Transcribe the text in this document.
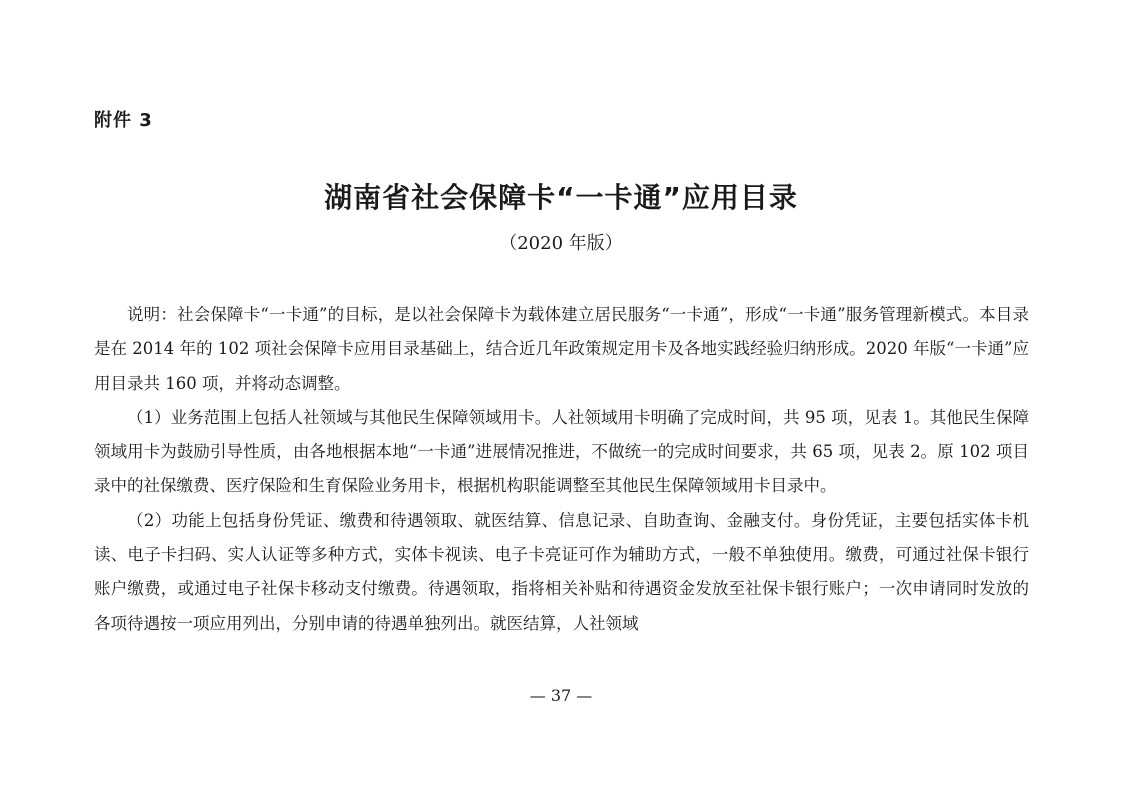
附件 3
湖南省社会保障卡“一卡通”应用目录
（2020 年版）

说明：社会保障卡“一卡通”的目标，是以社会保障卡为载体建立居民服务“一卡通”，形成“一卡通”服务管理新模式。本目录是在 2014 年的 102 项社会保障卡应用目录基础上，结合近几年政策规定用卡及各地实践经验归纳形成。2020 年版“一卡通”应用目录共 160 项，并将动态调整。

（1）业务范围上包括人社领域与其他民生保障领域用卡。人社领域用卡明确了完成时间，共 95 项，见表 1。其他民生保障领域用卡为鼓励引导性质，由各地根据本地“一卡通”进展情况推进，不做统一的完成时间要求，共 65 项，见表 2。原 102 项目录中的社保缴费、医疗保险和生育保险业务用卡，根据机构职能调整至其他民生保障领域用卡目录中。

（2）功能上包括身份凭证、缴费和待遇领取、就医结算、信息记录、自助查询、金融支付。身份凭证，主要包括实体卡机读、电子卡扫码、实人认证等多种方式，实体卡视读、电子卡亮证可作为辅助方式，一般不单独使用。缴费，可通过社保卡银行账户缴费，或通过电子社保卡移动支付缴费。待遇领取，指将相关补贴和待遇资金发放至社保卡银行账户；一次申请同时发放的各项待遇按一项应用列出，分别申请的待遇单独列出。就医结算，人社领域

— 37 —
